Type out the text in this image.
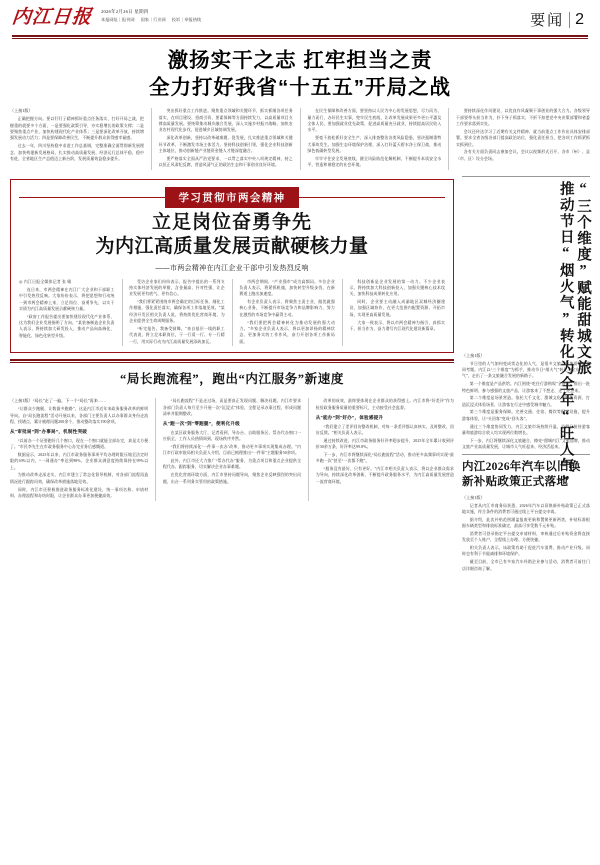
内江日报 2026年2月26日 星期四
本报网址｜报刊网 国家｜行业网 投诉｜举报热线	要闻 2
激扬实干之志 扛牢担当之责
全力打好我省“十五五”开局之战

（上接1版）

正确把握方向。要以钉钉子精神抓好重点任务落实，打好开局之战，把握重的就要多个方面，一是要强化政策引导，夯实稳增长的政策支撑；二是要聚焦重点产业，加快构建现代化产业体系；三是要深化改革开放，持续增强发展动力活力；四是要保障改善民生，不断提升群众获得感幸福感。

过去一年，四川坚持稳中求进工作总基调，完整准确全面贯彻新发展理念，加快构建新发展格局，扎实推动高质量发展，经济运行总体平稳、稳中有进，全省地区生产总值迈上新台阶，发展质量效益稳步提升。

突出抓好重点工作推进。聚焦重点领域和关键环节，抓实抓细各项任务落实，在项目建设、招商引资、要素保障等方面持续发力，以高质量项目支撑高质量发展。要统筹推动城乡融合发展，深入实施乡村振兴战略，加快农业农村现代化步伐，促进城乡区域协调发展。

深化改革创新，坚持以改革破难题、促发展，扎实推进重点领域和关键环节改革，不断激发市场主体活力。坚持科技创新引领，强化企业科技创新主体地位，推动创新链产业链资金链人才链深度融合。

要严格落实全面从严治党要求，一以贯之落实中央八项规定精神，持之以恒正风肃纪反腐，营造风清气正的政治生态和干事创业良好环境。

在民生保障和改善方面，要坚持以人民为中心的发展思想，尽力而为、量力而行，办好民生实事，兜牢民生底线，让改革发展成果更多更公平惠及全体人民。要加强就业优先政策，促进高质量充分就业，持续提高居民收入水平。

要毫不放松抓好安全生产，深入排查整治各类风险隐患，坚决遏制重特大事故发生。加强生态环境保护治理，深入打好蓝天碧水净土保卫战，推动绿色低碳转型发展。

牢牢守住安全发展底线，健全风险防范化解机制，不断提升本质安全水平，营造和谐稳定的社会环境。

要持续深化作风建设，以优良作风凝聚干事创业的强大合力。各级领导干部要带头担当作为，扑下身子抓落实，不折不扣把党中央决策部署和省委工作要求落到实处。

会议还传达学习了近期有关文件精神，就当前重点工作作出具体安排部署。要求全省各级各部门提高政治站位，强化责任担当，把各项工作抓紧抓实抓到位。

各有关方面负责同志参加会议。会议以视频形式召开，各市（州）、县（市、区）设分会场。

学习贯彻市两会精神
立足岗位奋勇争先
为内江高质量发展贡献硬核力量
——市两会精神在内江企业干部中引发热烈反响
◎ 内江日报全媒体记者 张 啸

连日来，市两会精神在内江广大企业和干部职工中引发热烈反响。大家纷纷表示，将把思想和行动统一到市两会精神上来，立足岗位、奋勇争先，以实干实绩为内江高质量发展贡献硬核力量。

“政府工作报告提出要加快建设现代化产业体系，这为我们企业发展指明了方向。”某装备制造企业负责人表示，将持续加大研发投入，推动产品向高端化、智能化、绿色化转型升级。

受访企业家们纷纷表示，报告中提出的一系列支持实体经济发展的举措，含金量高、针对性强，让企业发展更有底气、更有信心。

“我们将紧紧围绕市两会确定的目标任务，细化工作措施，强化责任落实，确保各项工作落地见效。”某经济开发区相关负责人说，将持续优化营商环境，为企业提供全生命周期服务。

“听完报告，我备受鼓舞。”来自基层一线的职工代表说，将立足本职岗位，干一行爱一行、专一行精一行，用实际行动为内江高质量发展添砖加瓦。

市两会期间，“产业强市”成为高频词。多位企业负责人表示，将紧抓机遇，加快转型升级步伐，在新赛道上跑出加速度。

有企业负责人表示，将聚焦主责主业，做优做强核心业务，不断提升市场竞争力和品牌影响力，努力在激烈的市场竞争中赢得主动。

“我们要把两会精神转化为推动发展的强大动力。”多家企业负责人表示，将以更加昂扬的精神状态、更加务实的工作作风，奋力开创各项工作新局面。

科技创新是企业发展的第一动力。不少企业表示，将持续加大科技创新投入，加强关键核心技术攻关，加快科技成果转化应用。

同时，企业要主动融入成渝地区双城经济圈建设，加强区域协作，在更大范围内配置资源、开拓市场，实现更高质量发展。

大家一致表示，将以市两会精神为指引，真抓实干、担当作为，奋力谱写内江现代化建设新篇章。

“局长跑流程”，跑出“内江服务”新速度

（上接1版）“局长”走了一遍，下一个“局长”再来……

“让群众少跑腿、让数据多跑路”，这是内江市近年来政务服务改革的鲜明导向。自“局长跑流程”活动开展以来，各部门主要负责人以办事群众身份走流程、找堵点，累计梳理问题200余个，推动整改落实190余项。

从“审批局”到“办事局”，机制性突破

“以前办一个证要跑好几个窗口，现在一个窗口就能全部办完，真是太方便了。”市民李先生在市政务服务中心办完业务后感慨道。

数据显示，2025年以来，内江市政务服务事项平均办理时限压缩至法定时限的30%以内，“一网通办”率达到98%，企业群众满意度持续保持在99%以上。

为推动改革走深走实，内江市建立了常态化督导机制，对各部门流程再造情况进行跟踪问效，确保改革措施落地见效。

同时，内江市还积极推进政务服务标准化建设，统一事项名称、申请材料、办理流程和办结时限，让企业群众办事更加便捷高效。

“局长跑流程”不是走过场，而是要真正发现问题、解决问题。内江市要求各部门负责人每月至少开展一次“沉浸式”体验，全程记录办事过程，形成问题清单并限期整改。

从“跑一次”到“零跑腿”，便利化升级

在某区政务服务大厅，记者看到，导办台、自助服务区、帮办代办窗口一应俱全，工作人员热情周到，现场秩序井然。

“我们将持续深化‘一件事一次办’改革，推动更多事项实现集成办理。”内江市行政审批局相关负责人介绍，目前已梳理推出“一件事”主题服务50余项。

此外，内江市还大力推广“帮办代办”服务，为重点项目和重点企业提供全程代办、跟踪服务，切实解决企业办事难题。

在优化营商环境方面，内江市坚持问题导向，聚焦企业反映强烈的突出问题，出台一系列务实管用的政策措施。

改革的成效，最终要体现在企业群众的获得感上。内江市将“好差评”作为检验政务服务质量的重要标尺，主动接受社会监督。

从“能办”到“好办”，体验感提升

“我们建立了差评回访整改机制，对每一条差评都认真核实、及时整改、回访反馈。”相关负责人表示。

通过持续改进，内江市政务服务好评率稳步提升，2025年全年累计收到评价30余万条，好评率达99.8%。

下一步，内江市将继续深化“局长跑流程”活动，推动更多高频事项实现“最多跑一次”甚至“一次都不跑”。

“服务没有最好，只有更好。”内江市相关负责人表示，将以企业群众需求为导向，持续深化改革创新，不断提升政务服务水平，为内江高质量发展营造一流营商环境。

“三个维度”赋能甜城文旅
推动节日“烟火气”转化为全年“旺人气”

（上接1版）

节日里的人气如何变成常态化的人气，是很多文旅目的地面临的共同考题。内江以“三个维度”为抓手，推动节日“烟火气”转化为全年“旺人气”，走出了一条文旅融合发展的新路子。

第一个维度是产品供给。内江围绕“吃住行游购娱”全链条，推出一批特色鲜明、参与感强的文旅产品，让游客来了不想走、走了还想来。

第二个维度是场景营造。依托大千文化、甜城文化等特色资源，打造沉浸式体验场景，让游客在行走中感受城市魅力。

第三个维度是服务保障。完善交通、住宿、餐饮等配套设施，提升游客体验，让“头回客”变成“回头客”。

通过三个维度协同发力，内江文旅市场持续升温，节假日接待游客量和旅游综合收入均实现两位数增长。

下一步，内江将继续深化文旅融合，擦亮“甜城内江”文旅品牌，推动文旅产业高质量发展，让城市人气旺起来、经济活起来。

内江2026年汽车以旧换新补贴政策正式落地

（上接1版）

记者从内江市商务局获悉，2026年汽车以旧换新补贴政策已正式落地实施，符合条件的消费者可通过线上平台提交申请。

据介绍，此次补贴范围涵盖报废更新和置换更新两类，补贴标准根据车辆类型和排放标准确定，最高可享受数千元补贴。

消费者可登录指定平台提交申请材料，审核通过后补贴资金将直接发放至个人账户，全程线上办理、方便快捷。

相关负责人表示，该政策有助于促进汽车消费、推动产业升级，同时也有利于节能减排和环境保护。

截至目前，全市已有多家汽车经销企业参与活动，消费者可前往门店详细咨询了解。
